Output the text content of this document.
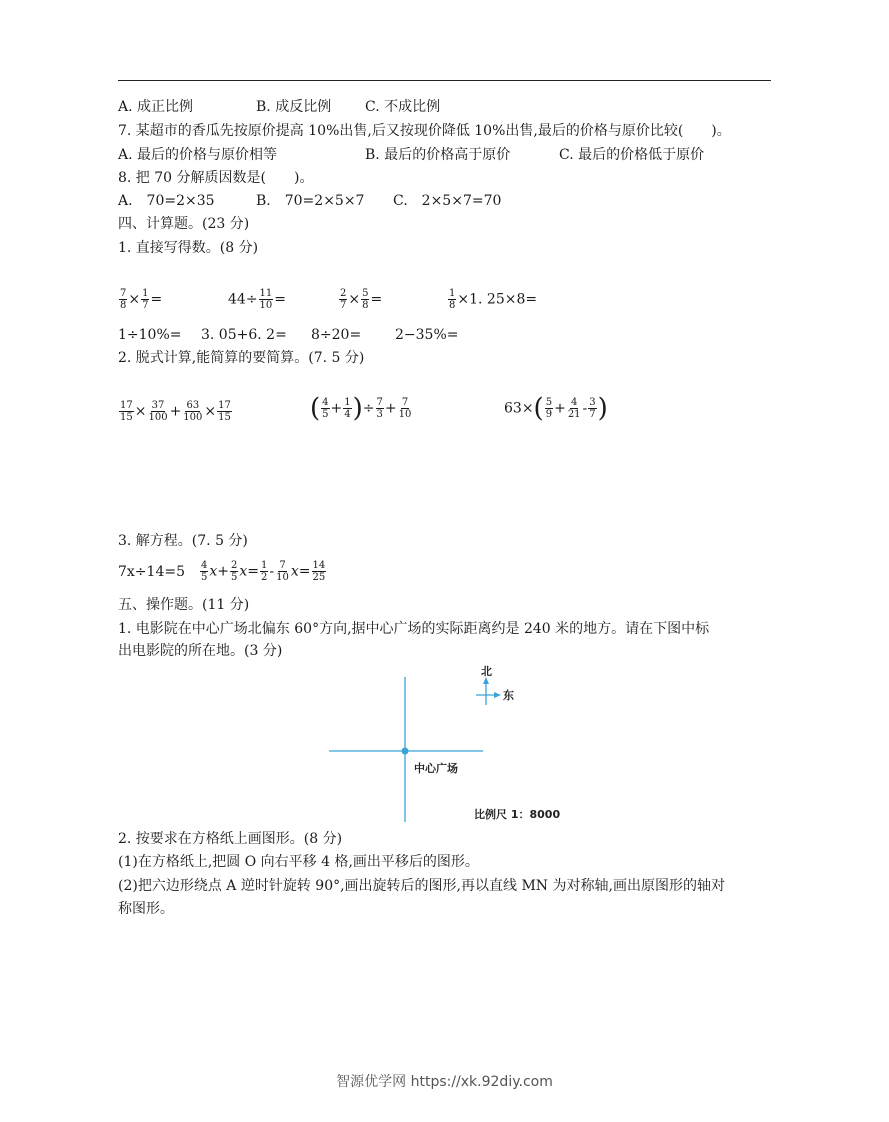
A. 成正比例	B. 成反比例 C. 不成比例
7. 某超市的香瓜先按原价提高 10%出售,后又按现价降低 10%出售,最后的价格与原价比较(　　)。
A. 最后的价格与原价相等	B. 最后的价格高于原价	C. 最后的价格低于原价
8. 把 70 分解质因数是(　　)。
A.　70=2×35	B.　70=2×5×7 C.　2×5×7=70
四、计算题。(23 分)
1. 直接写得数。(8 分)
$\frac{7}{8} \times \frac{1}{7}$ =	$44\div \frac{11}{10}$ =	$\frac{2}{7} \times \frac{5}{8}$ =	$\frac{1}{8} \times 1$. 25×8=
1÷10%= 3. 05+6. 2= 8÷20= 2−35%=
2. 脱式计算,能简算的要简算。(7. 5 分)
$\frac{17}{15} \times \frac{37}{100} + \frac{63}{100} \times \frac{17}{15}$	( $\frac{4}{5} + \frac{1}{4}$ )÷ $\frac{7}{3} + \frac{7}{10}$	$63\times( \frac{5}{9} + \frac{4}{21} - \frac{3}{7}$ )
3. 解方程。(7. 5 分)
$7x\div 14=5 \frac{4}{5} x+ \frac{2}{5} x= \frac{1}{2} - \frac{7}{10} x= \frac{14}{25}$
五、操作题。(11 分)
1. 电影院在中心广场北偏东 60°方向,据中心广场的实际距离约是 240 米的地方。请在下图中标
出电影院的所在地。(3 分)
北
东
中心广场
比例尺 1：8000
2. 按要求在方格纸上画图形。(8 分)
(1)在方格纸上,把圆 O 向右平移 4 格,画出平移后的图形。
(2)把六边形绕点 A 逆时针旋转 90°,画出旋转后的图形,再以直线 MN 为对称轴,画出原图形的轴对
称图形。
智源优学网 https://xk.92diy.com
